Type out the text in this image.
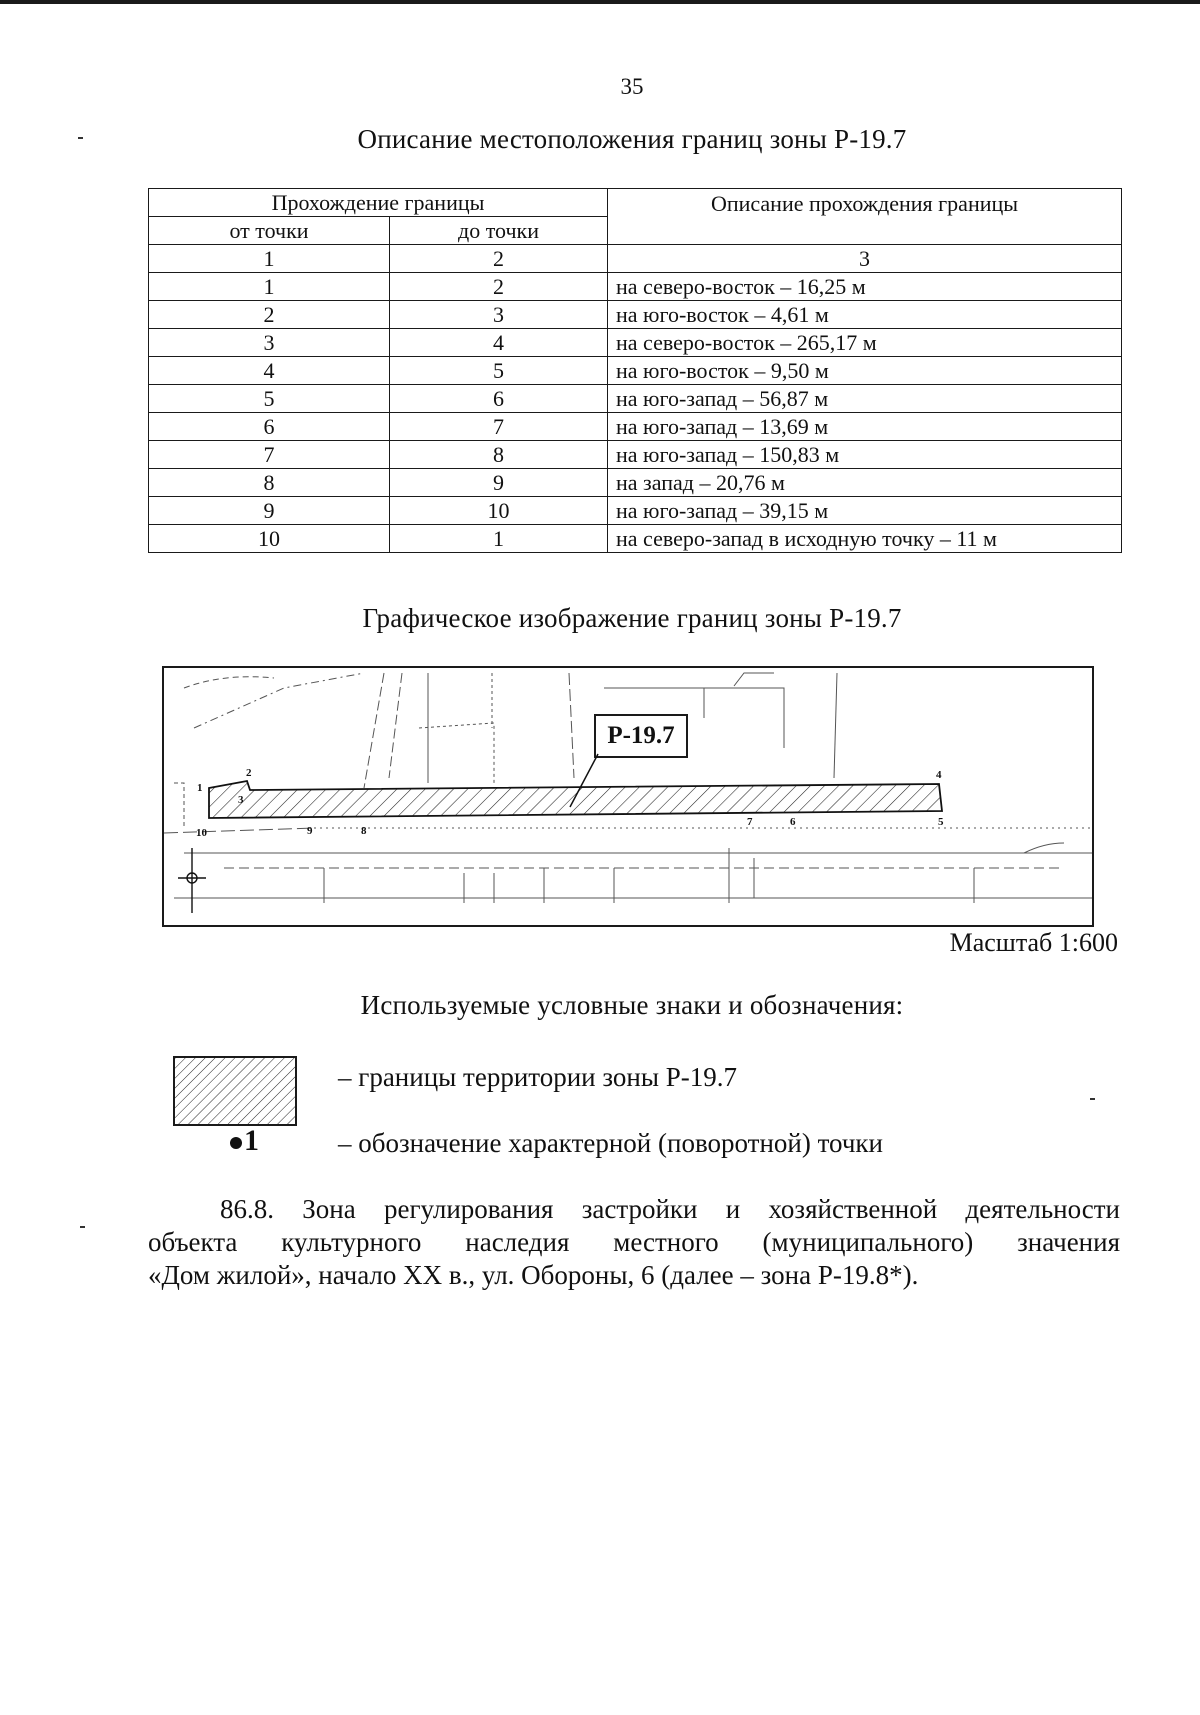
35
Описание местоположения границ зоны Р-19.7
Прохождение границы		Описание прохождения границы
от точки	до точки	
1	2	3
1	2	на северо-восток – 16,25 м
2	3	на юго-восток – 4,61 м
3	4	на северо-восток – 265,17 м
4	5	на юго-восток – 9,50 м
5	6	на юго-запад – 56,87 м
6	7	на юго-запад – 13,69 м
7	8	на юго-запад – 150,83 м
8	9	на запад – 20,76 м
9	10	на юго-запад – 39,15 м
10	1	на северо-запад в исходную точку – 11 м
Графическое изображение границ зоны Р-19.7
1
2
3
4
5
6
7
8
9
10
Р-19.7
Масштаб 1:600
Используемые условные знаки и обозначения:
– границы территории зоны Р-19.7
1	– обозначение характерной (поворотной) точки
86.8. Зона регулирования застройки и хозяйственной деятельности
объекта культурного наследия местного (муниципального) значения
«Дом жилой», начало XX в., ул. Обороны, 6 (далее – зона Р-19.8*).
